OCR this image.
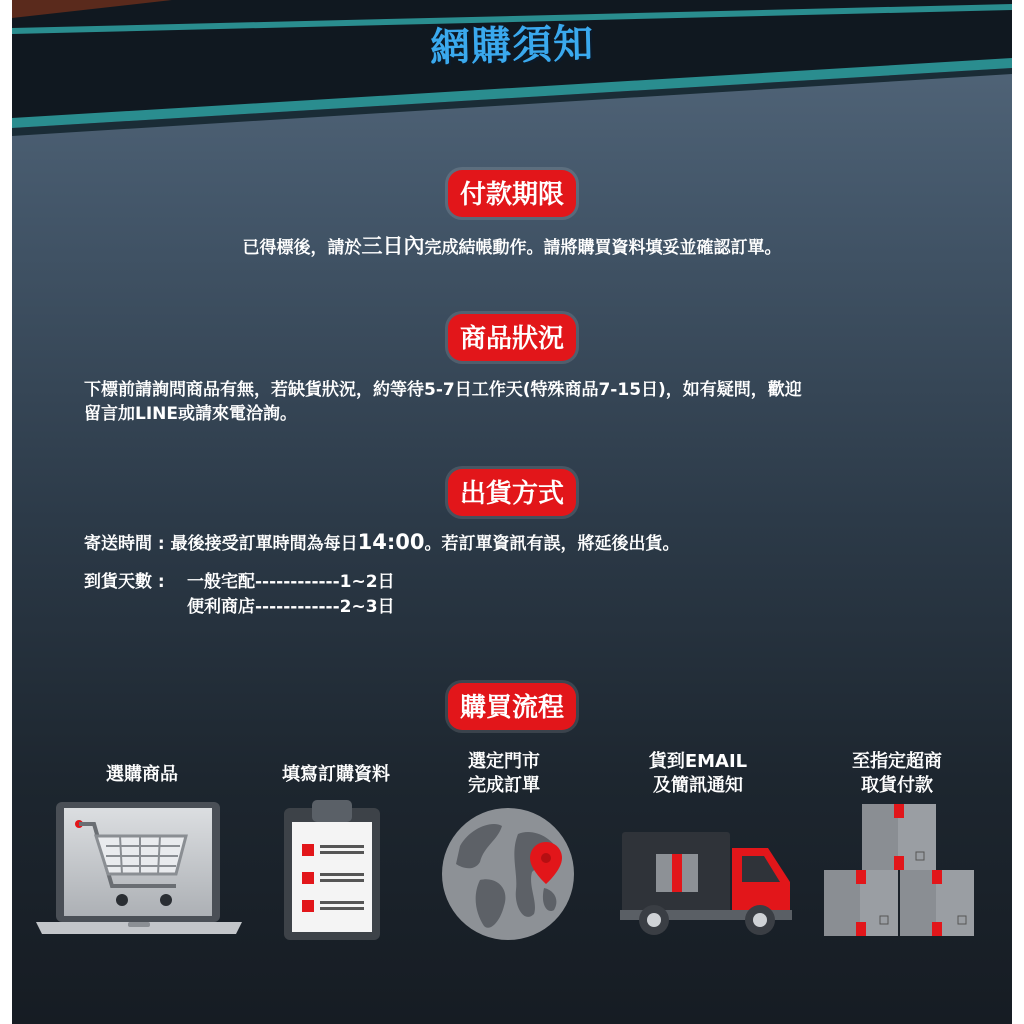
網購須知
付款期限
已得標後，請於三日內完成結帳動作。請將購買資料填妥並確認訂單。
商品狀況
下標前請詢問商品有無，若缺貨狀況，約等待5-7日工作天(特殊商品7-15日)，如有疑問，歡迎
留言加LINE或請來電洽詢。
出貨方式
寄送時間 : 最後接受訂單時間為每日14:00。若訂單資訊有誤，將延後出貨。
到貨天數 : 一般宅配------------1~2日
便利商店------------2~3日
購買流程
選購商品	填寫訂購資料
選定門市
完成訂單
貨到EMAIL
及簡訊通知
至指定超商
取貨付款
